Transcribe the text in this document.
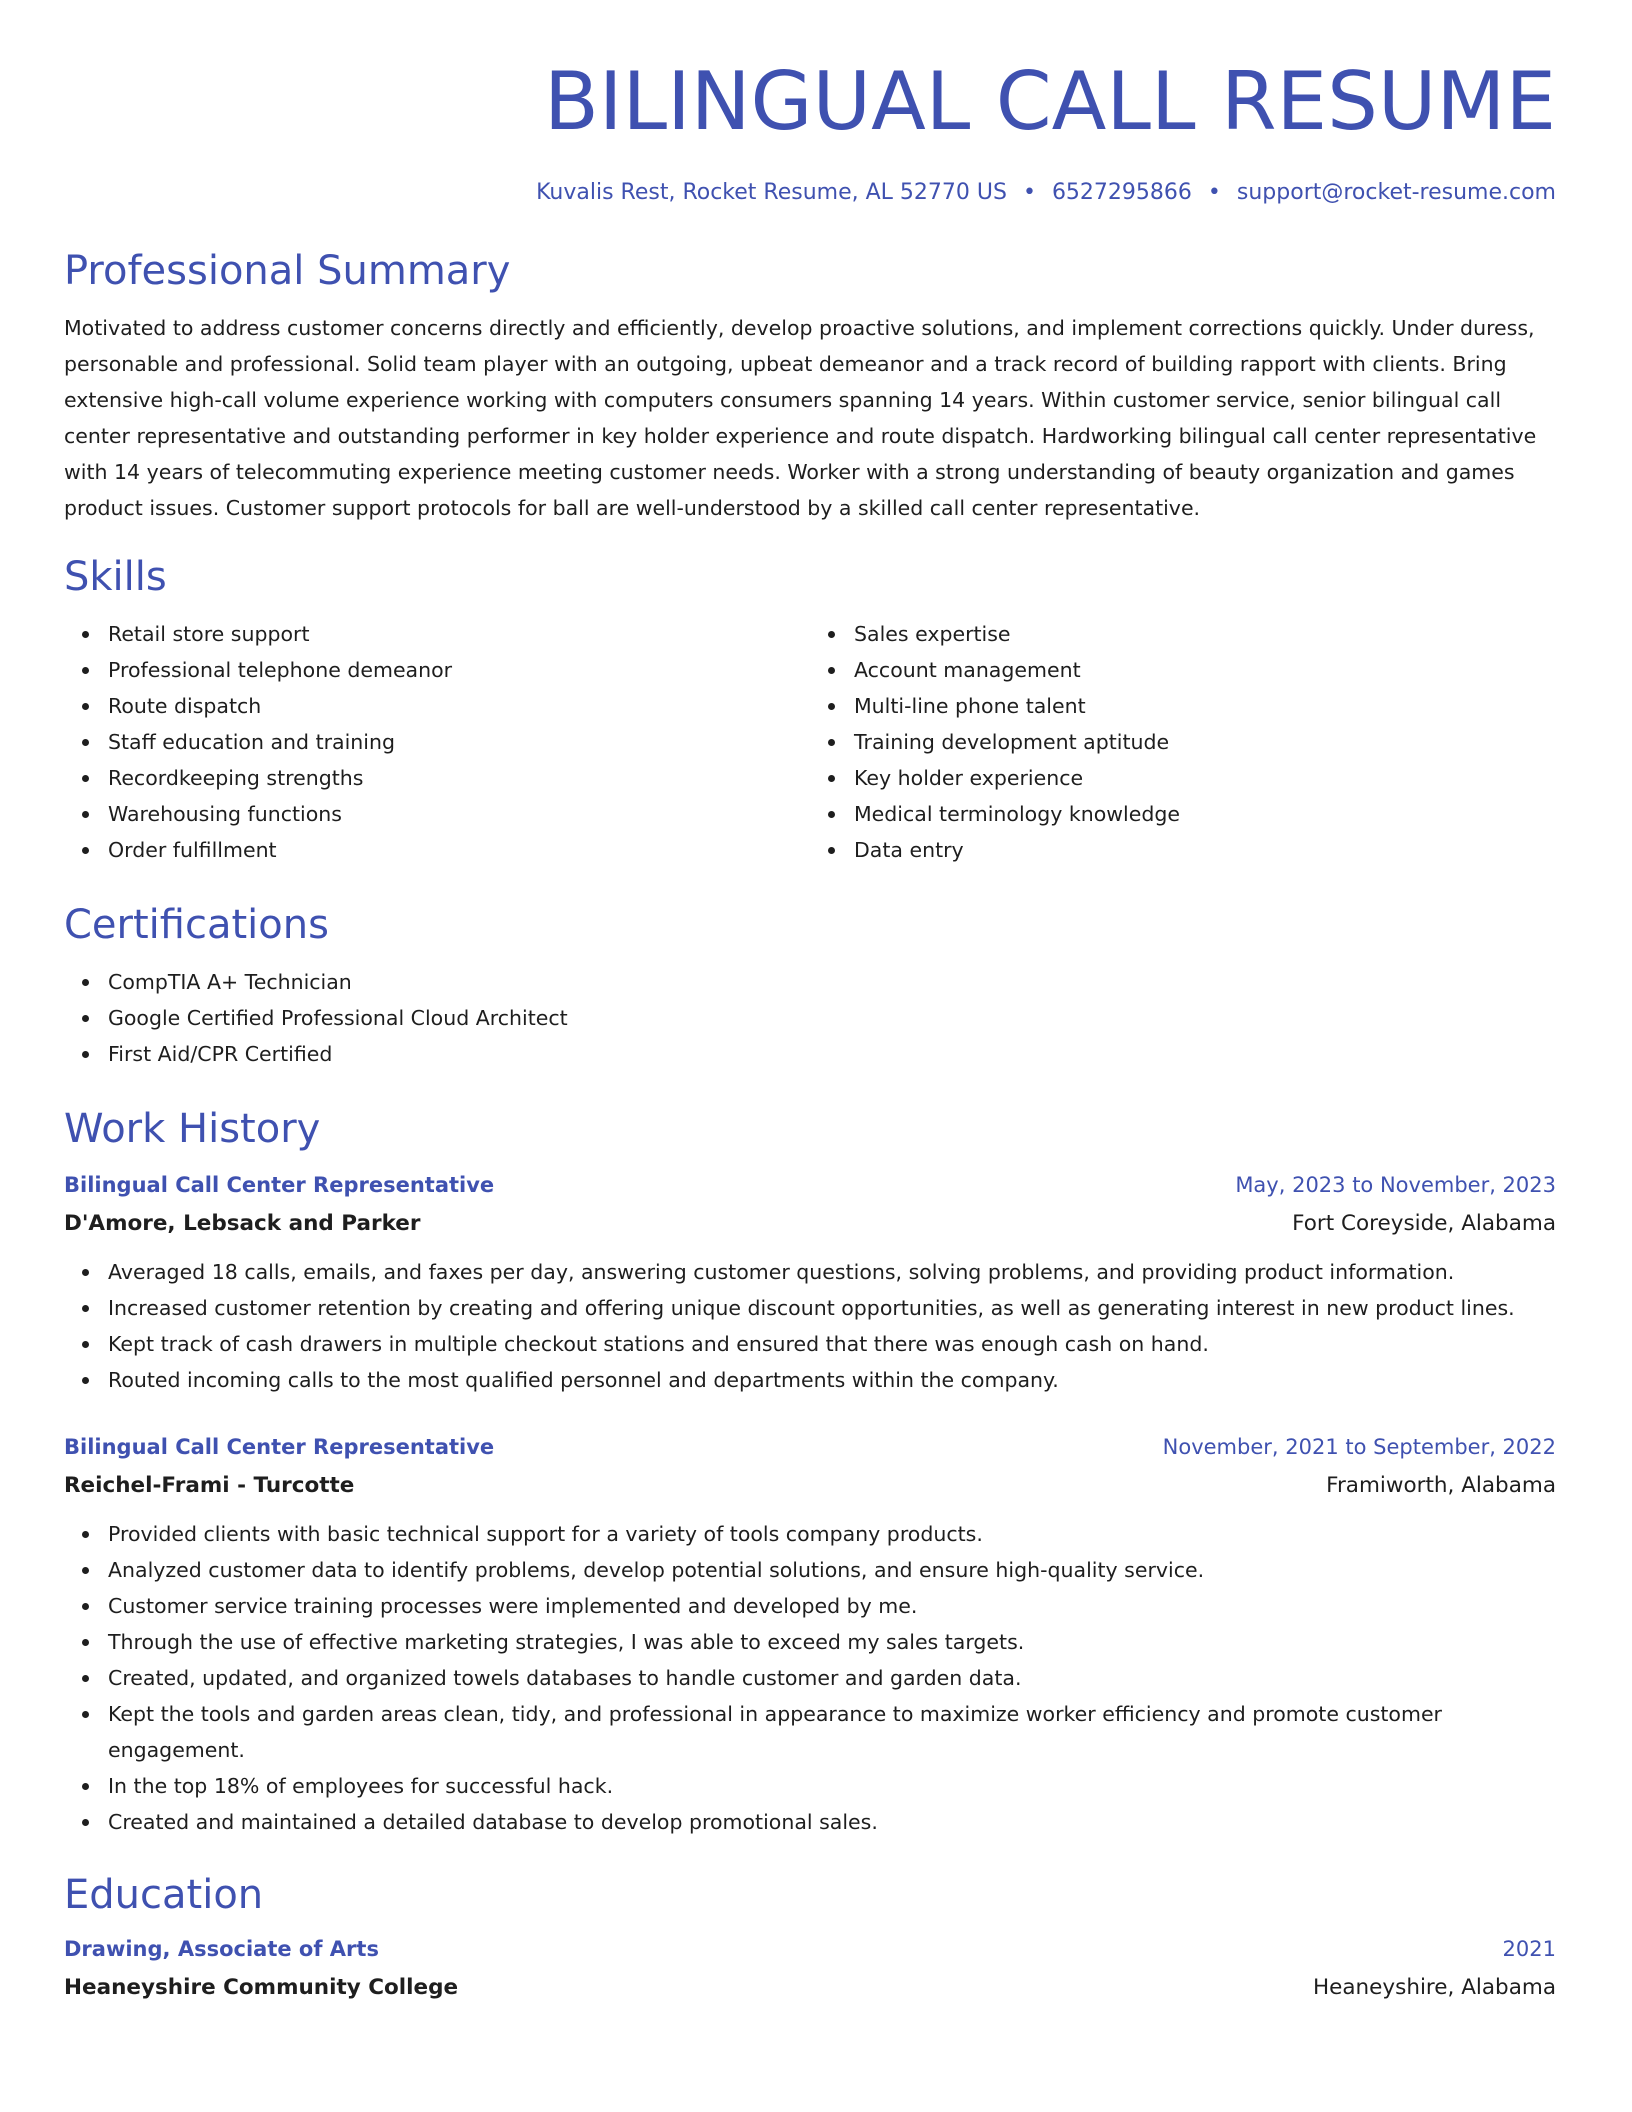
BILINGUAL CALL RESUME
Kuvalis Rest, Rocket Resume, AL 52770 US • 6527295866 • support@rocket-resume.com
Professional Summary
Motivated to address customer concerns directly and efficiently, develop proactive solutions, and implement corrections quickly. Under duress, personable and professional. Solid team player with an outgoing, upbeat demeanor and a track record of building rapport with clients. Bring extensive high-call volume experience working with computers consumers spanning 14 years. Within customer service, senior bilingual call center representative and outstanding performer in key holder experience and route dispatch. Hardworking bilingual call center representative with 14 years of telecommuting experience meeting customer needs. Worker with a strong understanding of beauty organization and games product issues. Customer support protocols for ball are well-understood by a skilled call center representative.
Skills
Retail store support
Professional telephone demeanor
Route dispatch
Staff education and training
Recordkeeping strengths
Warehousing functions
Order fulfillment
Sales expertise
Account management
Multi-line phone talent
Training development aptitude
Key holder experience
Medical terminology knowledge
Data entry
Certifications
CompTIA A+ Technician
Google Certified Professional Cloud Architect
First Aid/CPR Certified
Work History
Bilingual Call Center Representative	May, 2023 to November, 2023
D'Amore, Lebsack and Parker	Fort Coreyside, Alabama
Averaged 18 calls, emails, and faxes per day, answering customer questions, solving problems, and providing product information.
Increased customer retention by creating and offering unique discount opportunities, as well as generating interest in new product lines.
Kept track of cash drawers in multiple checkout stations and ensured that there was enough cash on hand.
Routed incoming calls to the most qualified personnel and departments within the company.
Bilingual Call Center Representative	November, 2021 to September, 2022
Reichel-Frami - Turcotte	Framiworth, Alabama
Provided clients with basic technical support for a variety of tools company products.
Analyzed customer data to identify problems, develop potential solutions, and ensure high-quality service.
Customer service training processes were implemented and developed by me.
Through the use of effective marketing strategies, I was able to exceed my sales targets.
Created, updated, and organized towels databases to handle customer and garden data.
Kept the tools and garden areas clean, tidy, and professional in appearance to maximize worker efficiency and promote customer engagement.
In the top 18% of employees for successful hack.
Created and maintained a detailed database to develop promotional sales.
Education
Drawing, Associate of Arts	2021
Heaneyshire Community College	Heaneyshire, Alabama
